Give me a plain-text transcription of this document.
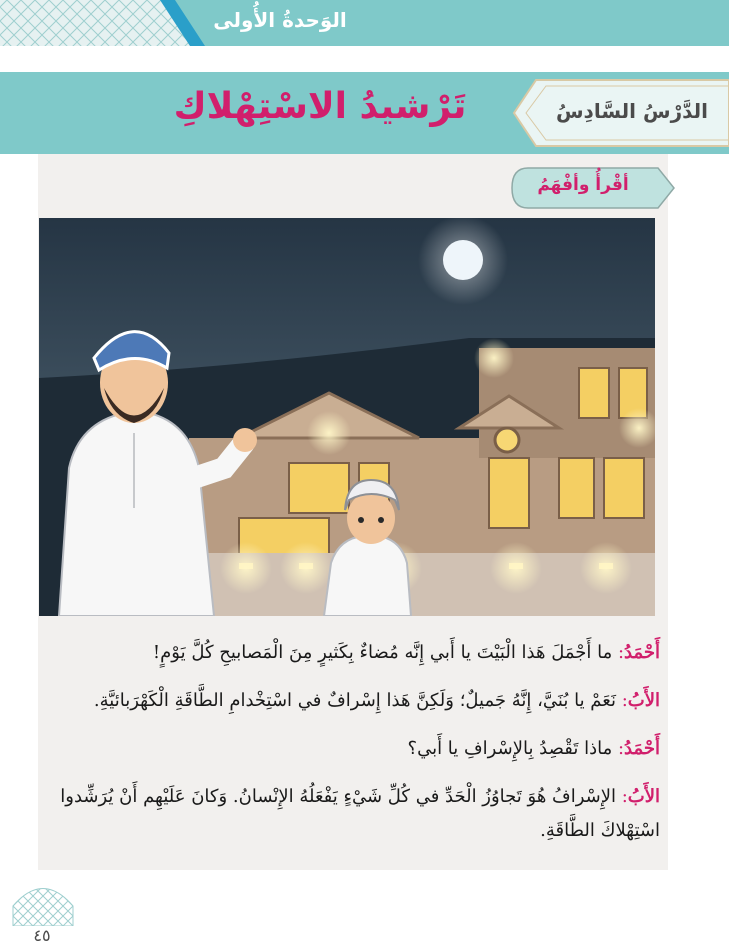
الوَحدةُ الأُولى
تَرْشيدُ الاسْتِهْلاكِ	الدَّرْسُ السَّادِسُ
أقْرأُ وأفْهَمُ

أَحْمَدُ: ما أَجْمَلَ هَذا الْبَيْتَ يا أَبي إِنَّه مُضاءٌ بِكَثيرٍ مِنَ الْمَصابيحِ كُلَّ يَوْمٍ!

الأَبُ: نَعَمْ يا بُنَيَّ، إِنَّهُ جَميلٌ؛ وَلَكِنَّ هَذا إِسْرافٌ في اسْتِخْدامِ الطَّاقَةِ الْكَهْرَبائيَّةِ.

أَحْمَدُ: ماذا تَقْصِدُ بِالإِسْرافِ يا أَبي؟

الأَبُ: الإِسْرافُ هُوَ تَجاوُزُ الْحَدِّ في كُلِّ شَيْءٍ يَفْعَلُهُ الإِنْسانُ. وَكانَ عَلَيْهِم أَنْ يُرَشِّدوا اسْتِهْلاكَ الطَّاقَةِ.

٤٥
